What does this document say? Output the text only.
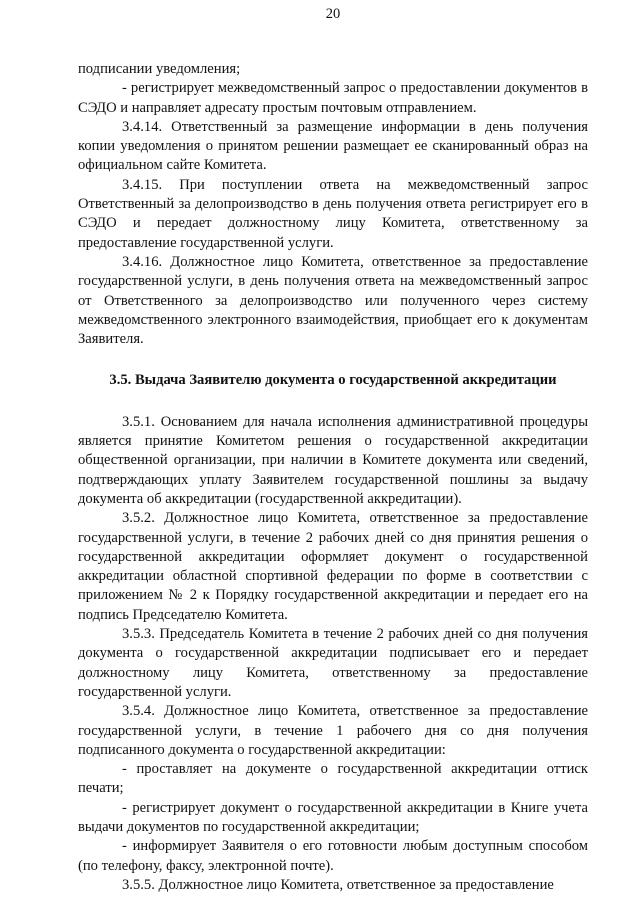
20

подписании уведомления;

- регистрирует межведомственный запрос о предоставлении документов в СЭДО и направляет адресату простым почтовым отправлением.

3.4.14. Ответственный за размещение информации в день получения копии уведомления о принятом решении размещает ее сканированный образ на официальном сайте Комитета.

3.4.15. При поступлении ответа на межведомственный запрос Ответственный за делопроизводство в день получения ответа регистрирует его в СЭДО и передает должностному лицу Комитета, ответственному за предоставление государственной услуги.

3.4.16. Должностное лицо Комитета, ответственное за предоставление государственной услуги, в день получения ответа на межведомственный запрос от Ответственного за делопроизводство или полученного через систему межведомственного электронного взаимодействия, приобщает его к документам Заявителя.

3.5. Выдача Заявителю документа о государственной аккредитации

3.5.1. Основанием для начала исполнения административной процедуры является принятие Комитетом решения о государственной аккредитации общественной организации, при наличии в Комитете документа или сведений, подтверждающих уплату Заявителем государственной пошлины за выдачу документа об аккредитации (государственной аккредитации).

3.5.2. Должностное лицо Комитета, ответственное за предоставление государственной услуги, в течение 2 рабочих дней со дня принятия решения о государственной аккредитации оформляет документ о государственной аккредитации областной спортивной федерации по форме в соответствии с приложением № 2 к Порядку государственной аккредитации и передает его на подпись Председателю Комитета.

3.5.3. Председатель Комитета в течение 2 рабочих дней со дня получения документа о государственной аккредитации подписывает его и передает должностному лицу Комитета, ответственному за предоставление государственной услуги.

3.5.4. Должностное лицо Комитета, ответственное за предоставление государственной услуги, в течение 1 рабочего дня со дня получения подписанного документа о государственной аккредитации:

- проставляет на документе о государственной аккредитации оттиск печати;

- регистрирует документ о государственной аккредитации в Книге учета выдачи документов по государственной аккредитации;

- информирует Заявителя о его готовности любым доступным способом (по телефону, факсу, электронной почте).

3.5.5. Должностное лицо Комитета, ответственное за предоставление
